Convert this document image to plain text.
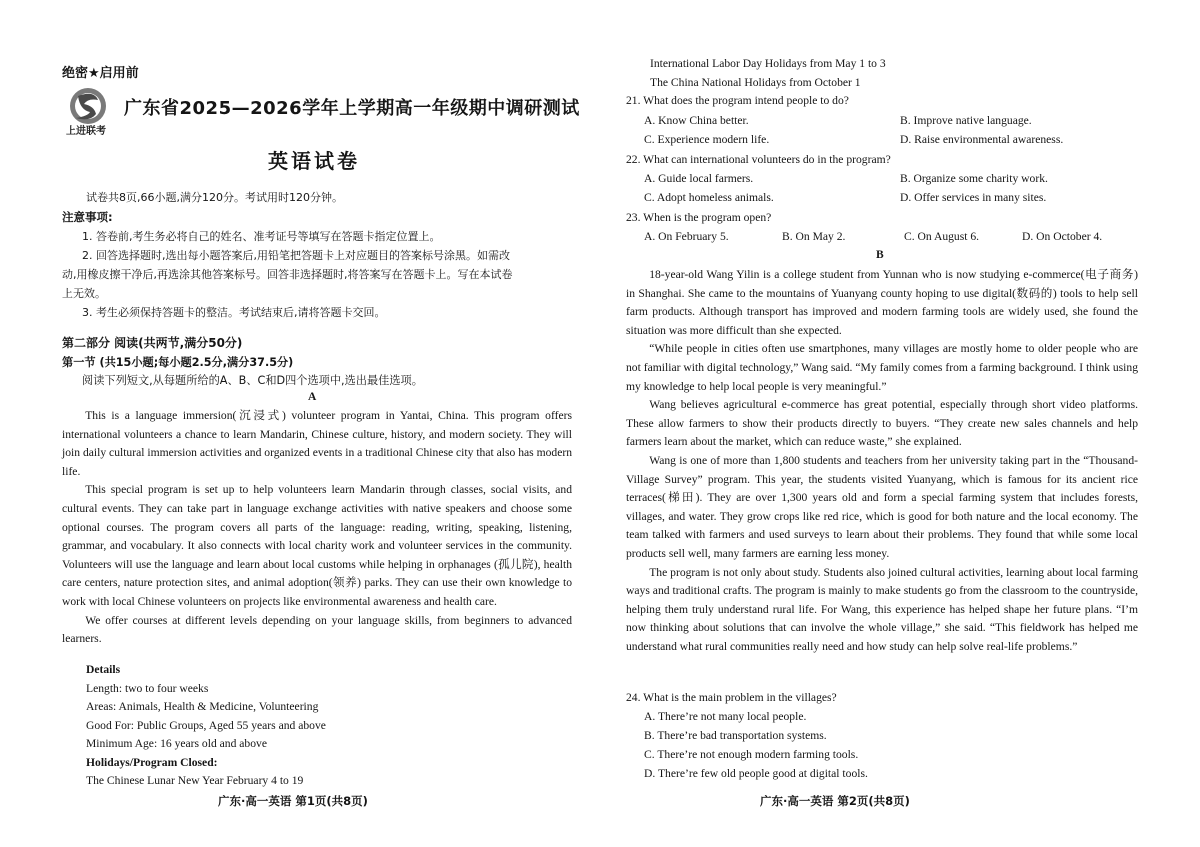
绝密★启用前
上进联考
广东省2025—2026学年上学期高一年级期中调研测试
英语试卷
试卷共8页,66小题,满分120分。考试用时120分钟。
注意事项:
1. 答卷前,考生务必将自己的姓名、准考证号等填写在答题卡指定位置上。
2. 回答选择题时,选出每小题答案后,用铅笔把答题卡上对应题目的答案标号涂黑。如需改
动,用橡皮擦干净后,再选涂其他答案标号。回答非选择题时,将答案写在答题卡上。写在本试卷
上无效。
3. 考生必须保持答题卡的整洁。考试结束后,请将答题卡交回。
第二部分 阅读(共两节,满分50分)
第一节 (共15小题;每小题2.5分,满分37.5分)
阅读下列短文,从每题所给的A、B、C和D四个选项中,选出最佳选项。
A

This is a language immersion(沉浸式) volunteer program in Yantai, China. This program offers international volunteers a chance to learn Mandarin, Chinese culture, history, and modern society. They will join daily cultural immersion activities and organized events in a traditional Chinese city that also has modern life.

This special program is set up to help volunteers learn Mandarin through classes, social visits, and cultural events. They can take part in language exchange activities with native speakers and choose some optional courses. The program covers all parts of the language: reading, writing, speaking, listening, grammar, and vocabulary. It also connects with local charity work and volunteer services in the community. Volunteers will use the language and learn about local customs while helping in orphanages (孤儿院), health care centers, nature protection sites, and animal adoption(领养) parks. They can use their own knowledge to work with local Chinese volunteers on projects like environmental awareness and health care.

We offer courses at different levels depending on your language skills, from beginners to advanced learners.

Details
Length: two to four weeks
Areas: Animals, Health & Medicine, Volunteering
Good For: Public Groups, Aged 55 years and above
Minimum Age: 16 years old and above
Holidays/Program Closed:
The Chinese Lunar New Year February 4 to 19
广东·高一英语 第1页(共8页)
International Labor Day Holidays from May 1 to 3
The China National Holidays from October 1
21. What does the program intend people to do?
A. Know China better.	B. Improve native language.
C. Experience modern life.	D. Raise environmental awareness.
22. What can international volunteers do in the program?
A. Guide local farmers.	B. Organize some charity work.
C. Adopt homeless animals.	D. Offer services in many sites.
23. When is the program open?
A. On February 5.	B. On May 2.	C. On August 6.	D. On October 4.
B

18-year-old Wang Yilin is a college student from Yunnan who is now studying e-commerce(电子商务) in Shanghai. She came to the mountains of Yuanyang county hoping to use digital(数码的) tools to help sell farm products. Although transport has improved and modern farming tools are widely used, she found the situation was more difficult than she expected.

“While people in cities often use smartphones, many villages are mostly home to older people who are not familiar with digital technology,” Wang said. “My family comes from a farming background. I think using my knowledge to help local people is very meaningful.”

Wang believes agricultural e-commerce has great potential, especially through short video platforms. These allow farmers to show their products directly to buyers. “They create new sales channels and help farmers learn about the market, which can reduce waste,” she explained.

Wang is one of more than 1,800 students and teachers from her university taking part in the “Thousand-Village Survey” program. This year, the students visited Yuanyang, which is famous for its ancient rice terraces(梯田). They are over 1,300 years old and form a special farming system that includes forests, villages, and water. They grow crops like red rice, which is good for both nature and the local economy. The team talked with farmers and used surveys to learn about their problems. They found that while some local products sell well, many farmers are earning less money.

The program is not only about study. Students also joined cultural activities, learning about local farming ways and traditional crafts. The program is mainly to make students go from the classroom to the countryside, helping them truly understand rural life. For Wang, this experience has helped shape her future plans. “I’m now thinking about solutions that can involve the whole village,” she said. “This fieldwork has helped me understand what rural communities really need and how study can help solve real-life problems.”

24. What is the main problem in the villages?
A. There’re not many local people.
B. There’re bad transportation systems.
C. There’re not enough modern farming tools.
D. There’re few old people good at digital tools.
广东·高一英语 第2页(共8页)
